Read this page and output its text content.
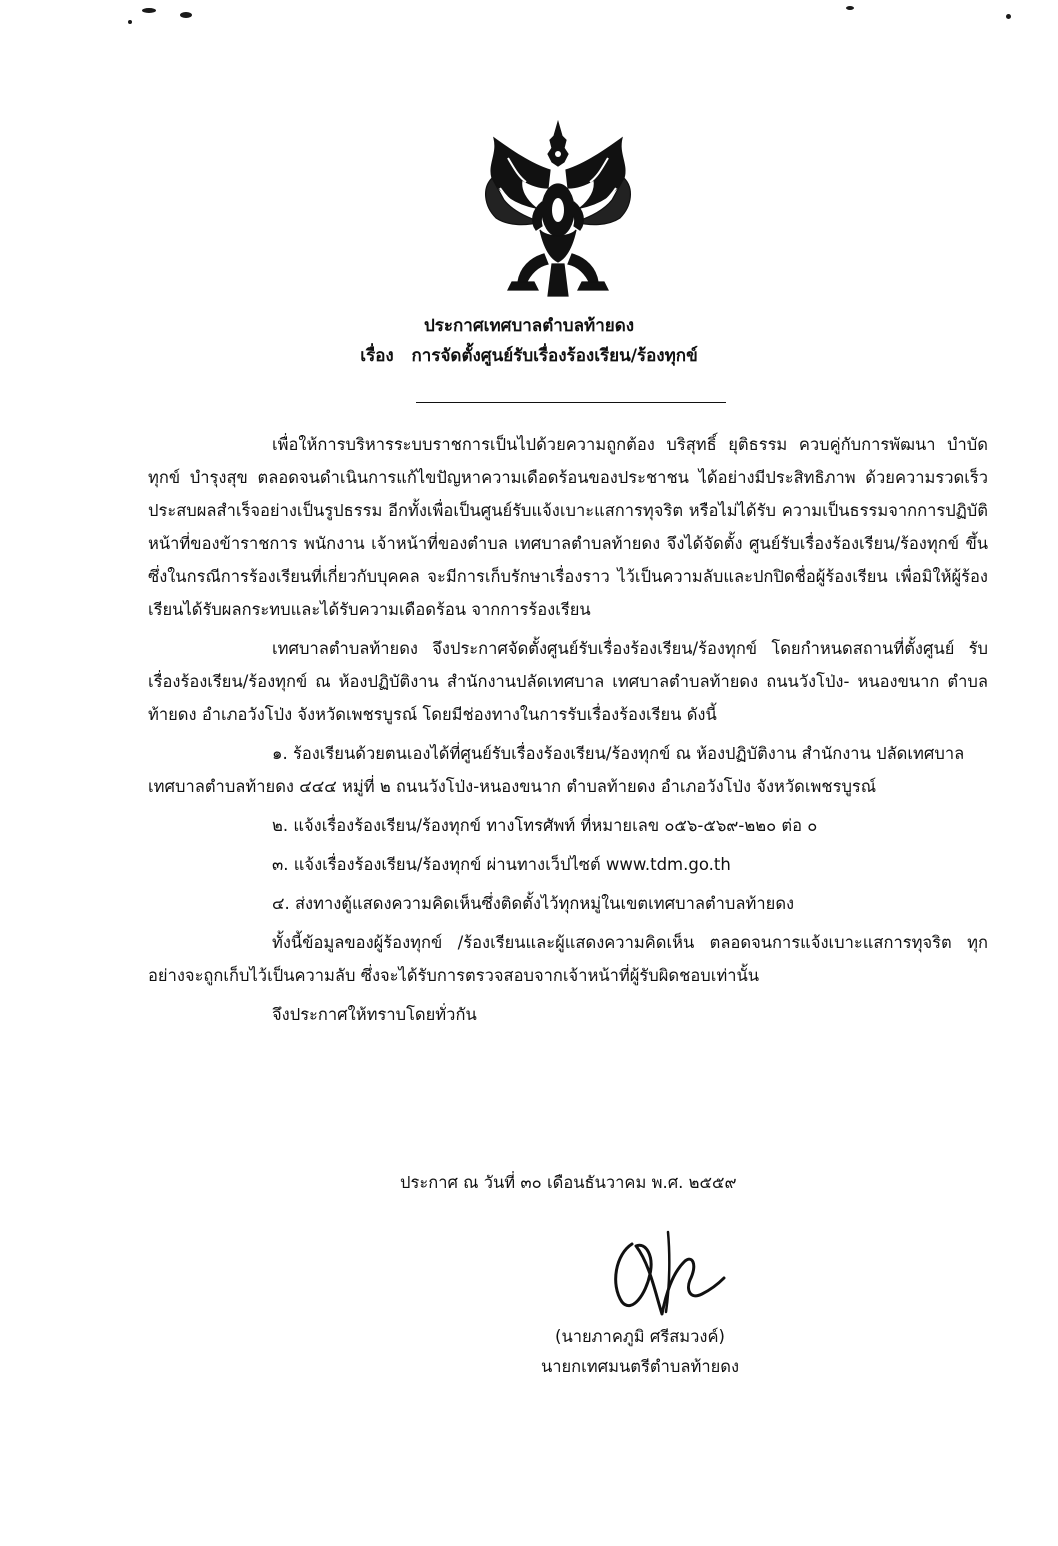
ประกาศเทศบาลตำบลท้ายดง
เรื่อง การจัดตั้งศูนย์รับเรื่องร้องเรียน/ร้องทุกข์

เพื่อให้การบริหารระบบราชการเป็นไปด้วยความถูกต้อง บริสุทธิ์ ยุติธรรม ควบคู่กับการพัฒนา บำบัดทุกข์ บำรุงสุข ตลอดจนดำเนินการแก้ไขปัญหาความเดือดร้อนของประชาชน ได้อย่างมีประสิทธิภาพ ด้วยความรวดเร็วประสบผลสำเร็จอย่างเป็นรูปธรรม อีกทั้งเพื่อเป็นศูนย์รับแจ้งเบาะแสการทุจริต หรือไม่ได้รับ ความเป็นธรรมจากการปฏิบัติหน้าที่ของข้าราชการ พนักงาน เจ้าหน้าที่ของตำบล เทศบาลตำบลท้ายดง จึงได้จัดตั้ง ศูนย์รับเรื่องร้องเรียน/ร้องทุกข์ ขึ้น ซึ่งในกรณีการร้องเรียนที่เกี่ยวกับบุคคล จะมีการเก็บรักษาเรื่องราว ไว้เป็นความลับและปกปิดชื่อผู้ร้องเรียน เพื่อมิให้ผู้ร้องเรียนได้รับผลกระทบและได้รับความเดือดร้อน จากการร้องเรียน

เทศบาลตำบลท้ายดง จึงประกาศจัดตั้งศูนย์รับเรื่องร้องเรียน/ร้องทุกข์ โดยกำหนดสถานที่ตั้งศูนย์ รับเรื่องร้องเรียน/ร้องทุกข์ ณ ห้องปฏิบัติงาน สำนักงานปลัดเทศบาล เทศบาลตำบลท้ายดง ถนนวังโป่ง- หนองขนาก ตำบลท้ายดง อำเภอวังโป่ง จังหวัดเพชรบูรณ์ โดยมีช่องทางในการรับเรื่องร้องเรียน ดังนี้

๑. ร้องเรียนด้วยตนเองได้ที่ศูนย์รับเรื่องร้องเรียน/ร้องทุกข์ ณ ห้องปฏิบัติงาน สำนักงาน ปลัดเทศบาล เทศบาลตำบลท้ายดง ๔๔๔ หมู่ที่ ๒ ถนนวังโป่ง-หนองขนาก ตำบลท้ายดง อำเภอวังโป่ง จังหวัดเพชรบูรณ์

๒. แจ้งเรื่องร้องเรียน/ร้องทุกข์ ทางโทรศัพท์ ที่หมายเลข ๐๕๖-๕๖๙-๒๒๐ ต่อ ๐

๓. แจ้งเรื่องร้องเรียน/ร้องทุกข์ ผ่านทางเว็ปไซต์ www.tdm.go.th

๔. ส่งทางตู้แสดงความคิดเห็นซึ่งติดตั้งไว้ทุกหมู่ในเขตเทศบาลตำบลท้ายดง

ทั้งนี้ข้อมูลของผู้ร้องทุกข์ /ร้องเรียนและผู้แสดงความคิดเห็น ตลอดจนการแจ้งเบาะแสการทุจริต ทุกอย่างจะถูกเก็บไว้เป็นความลับ ซึ่งจะได้รับการตรวจสอบจากเจ้าหน้าที่ผู้รับผิดชอบเท่านั้น

จึงประกาศให้ทราบโดยทั่วกัน

ประกาศ ณ วันที่ ๓๐ เดือนธันวาคม พ.ศ. ๒๕๕๙
(นายภาคภูมิ ศรีสมวงค์)
นายกเทศมนตรีตำบลท้ายดง
